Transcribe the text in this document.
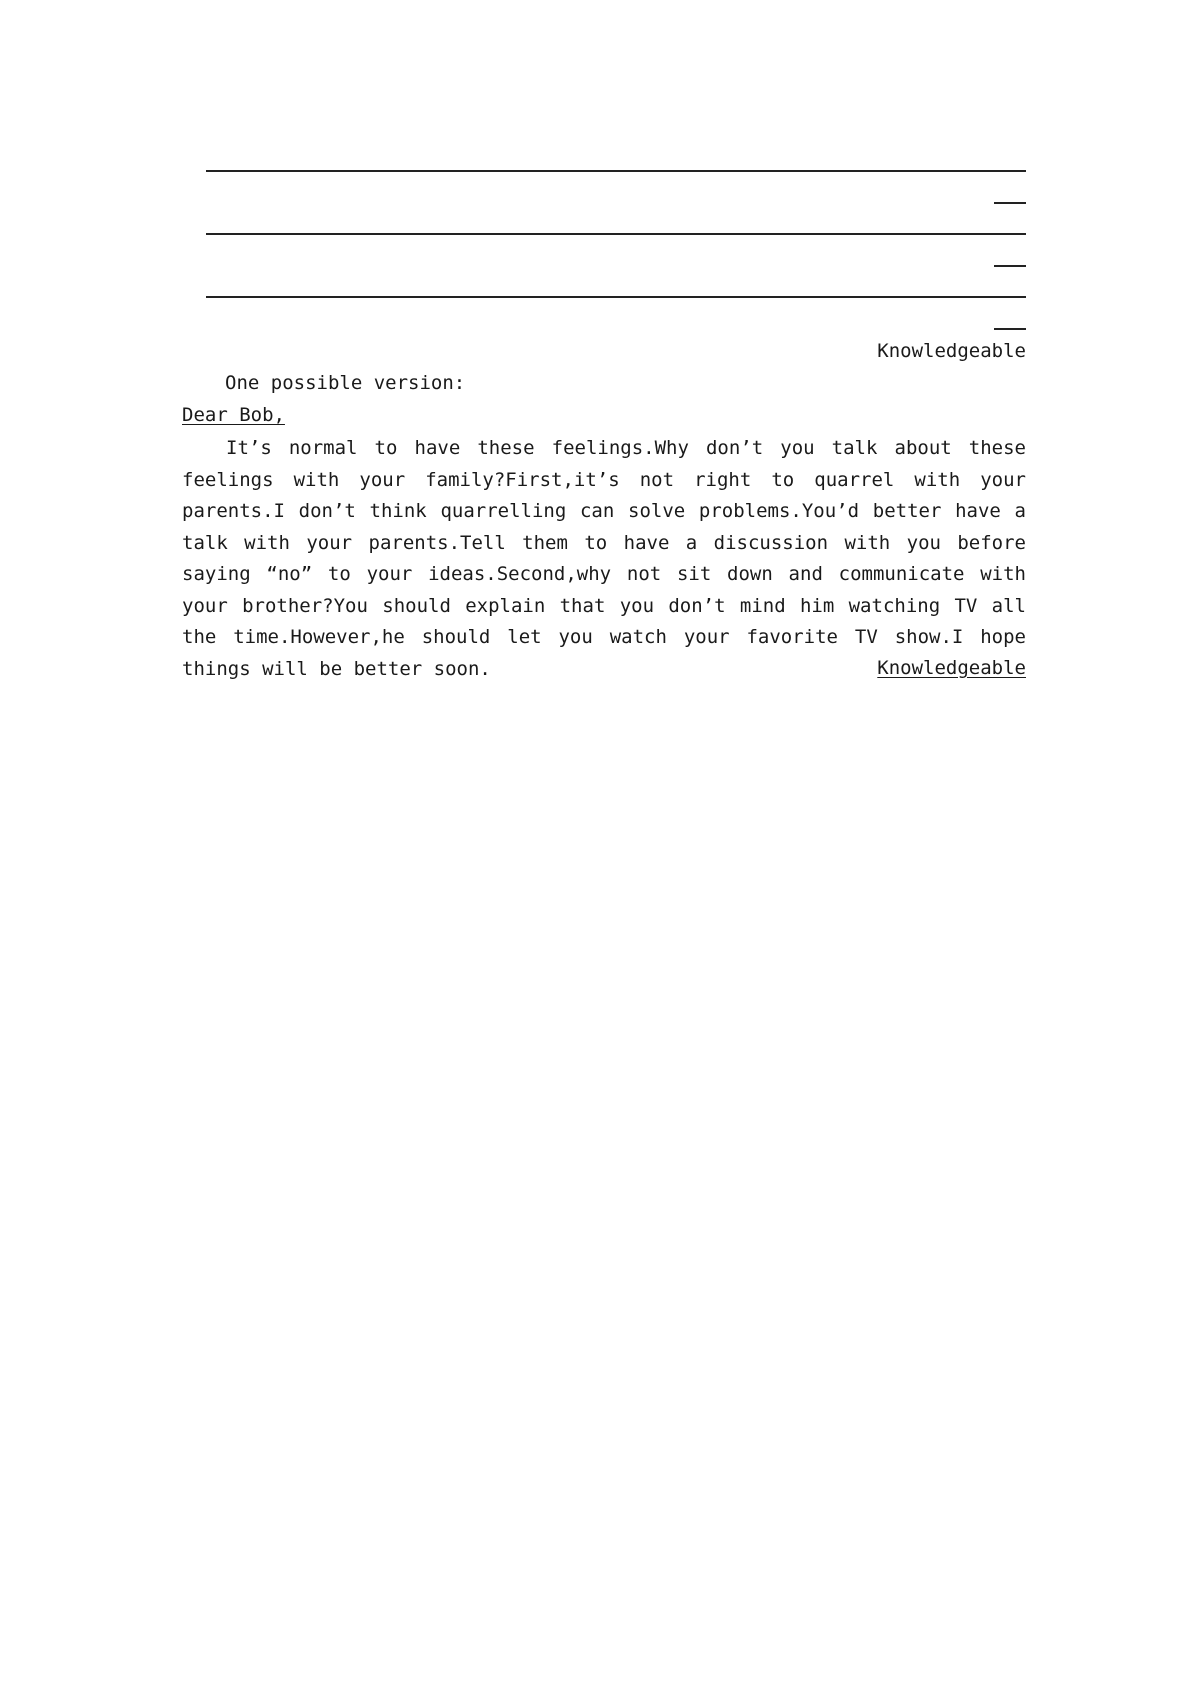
Knowledgeable
One possible version:
Dear Bob,

It’s normal to have these feelings.Why don’t you talk about these feelings with your family?First,it’s not right to quarrel with your parents.I don’t think quarrelling can solve problems.You’d better have a talk with your parents.Tell them to have a discussion with you before saying “no” to your ideas.Second,why not sit down and communicate with your brother?You should explain that you don’t mind him watching TV all the time.However,he should let you watch your favorite TV show.I hope things will be better soon.	Knowledgeable
